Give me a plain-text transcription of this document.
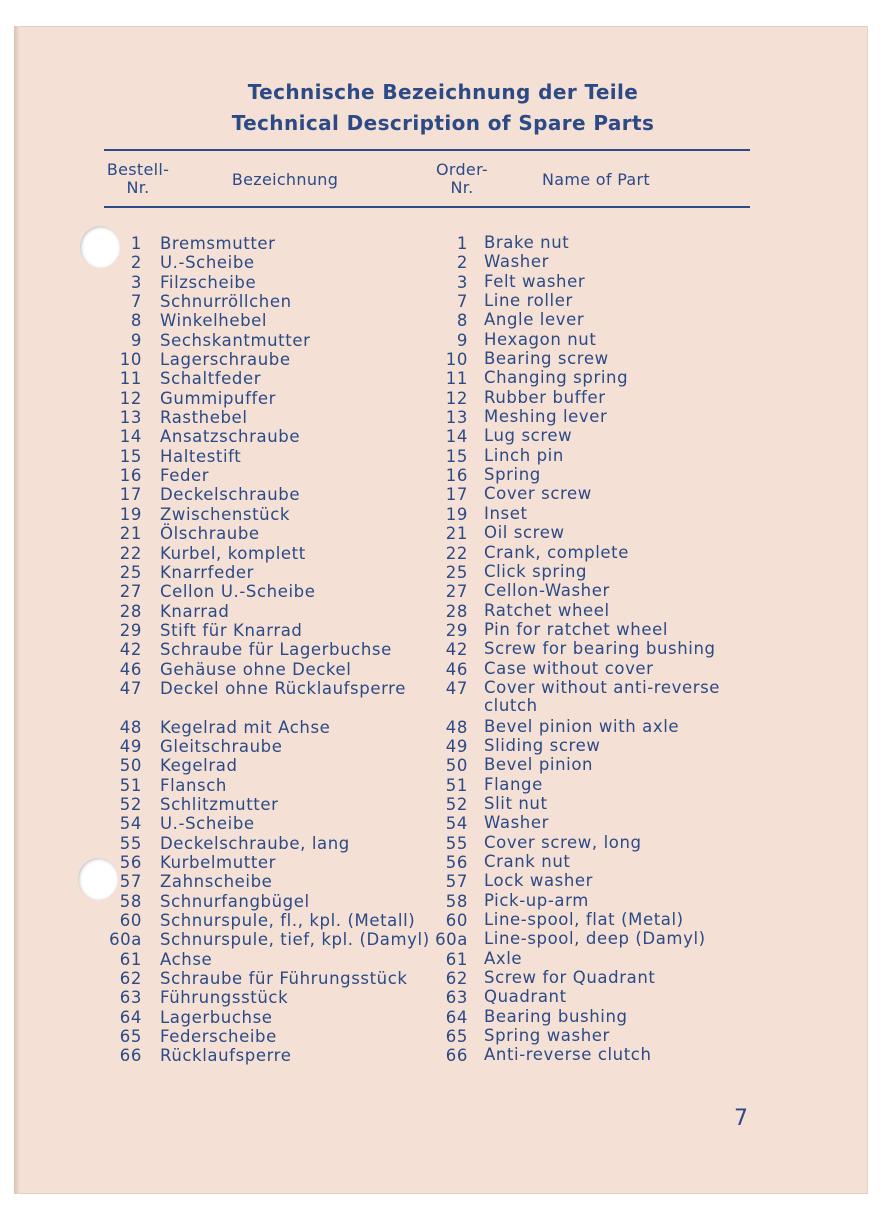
Technische Bezeichnung der Teile
Technical Description of Spare Parts
Bestell-
Nr.	Bezeichnung
Order-
Nr.	Name of Part
1 Bremsmutter	1 Brake nut
2 U.-Scheibe	2 Washer
3 Filzscheibe	3 Felt washer
7 Schnurröllchen	7 Line roller
8 Winkelhebel	8 Angle lever
9 Sechskantmutter	9 Hexagon nut
10 Lagerschraube	10 Bearing screw
11 Schaltfeder	11 Changing spring
12 Gummipuffer	12 Rubber buffer
13 Rasthebel	13 Meshing lever
14 Ansatzschraube	14 Lug screw
15 Haltestift	15 Linch pin
16 Feder	16 Spring
17 Deckelschraube	17 Cover screw
19 Zwischenstück	19 Inset
21 Ölschraube	21 Oil screw
22 Kurbel, komplett	22 Crank, complete
25 Knarrfeder	25 Click spring
27 Cellon U.-Scheibe	27 Cellon-Washer
28 Knarrad	28 Ratchet wheel
29 Stift für Knarrad	29 Pin for ratchet wheel
42 Schraube für Lagerbuchse	42 Screw for bearing bushing
46 Gehäuse ohne Deckel	46 Case without cover
47 Deckel ohne Rücklaufsperre	47 Cover without anti-reverse clutch
48 Kegelrad mit Achse	48 Bevel pinion with axle
49 Gleitschraube	49 Sliding screw
50 Kegelrad	50 Bevel pinion
51 Flansch	51 Flange
52 Schlitzmutter	52 Slit nut
54 U.-Scheibe	54 Washer
55 Deckelschraube, lang	55 Cover screw, long
56 Kurbelmutter	56 Crank nut
57 Zahnscheibe	57 Lock washer
58 Schnurfangbügel	58 Pick-up-arm
60 Schnurspule, fl., kpl. (Metall)	60 Line-spool, flat (Metal)
60a Schnurspule, tief, kpl. (Damyl) 60a Line-spool, deep (Damyl)
61 Achse	61 Axle
62 Schraube für Führungsstück	62 Screw for Quadrant
63 Führungsstück	63 Quadrant
64 Lagerbuchse	64 Bearing bushing
65 Federscheibe	65 Spring washer
66 Rücklaufsperre	66 Anti-reverse clutch
7
